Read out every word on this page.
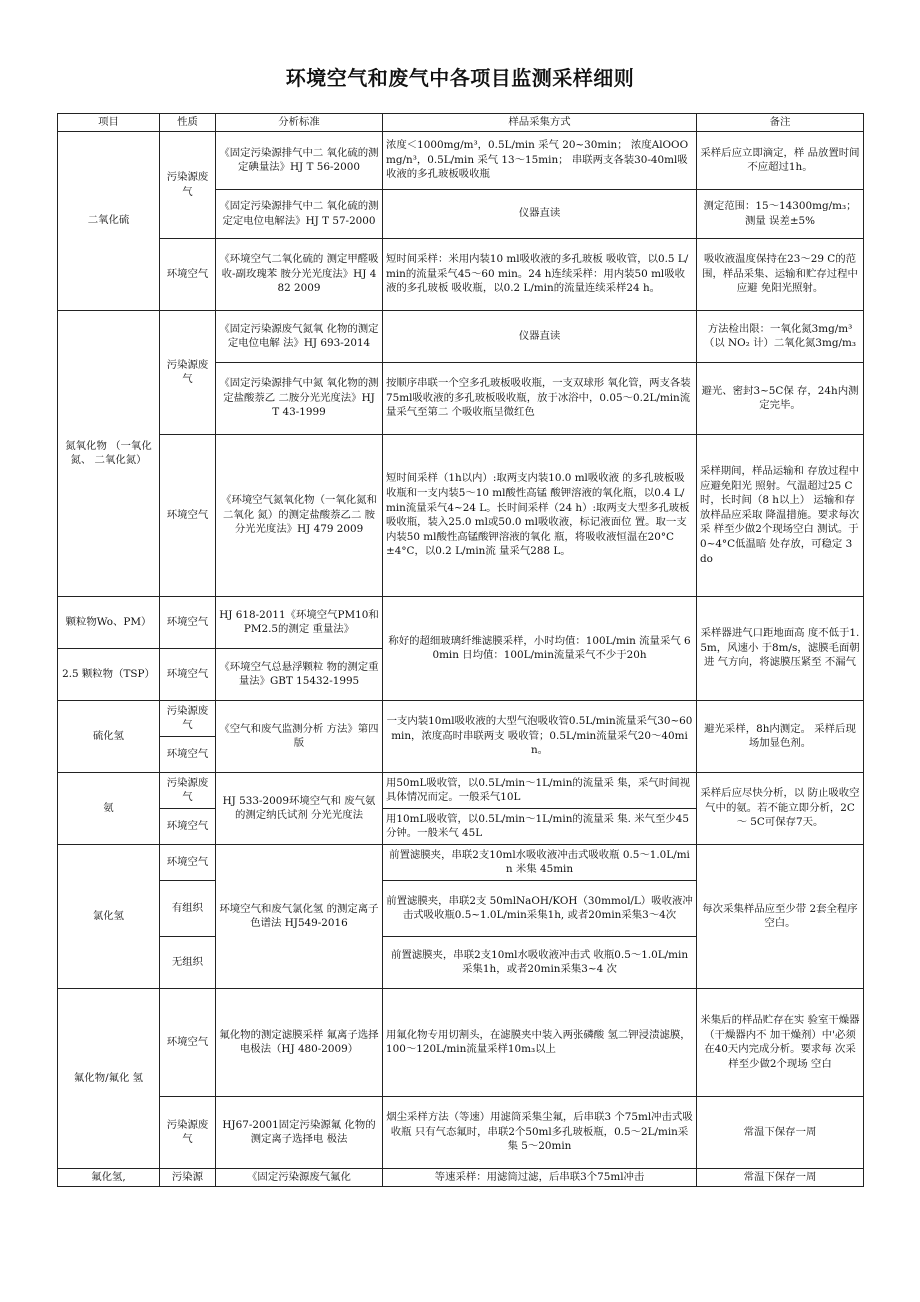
环境空气和废气中各项目监测采样细则
项目	性质	分析标准	样品采集方式	备注
二氧化硫	污染源废气	《固定污染源排气中二 氧化硫的测定碘量法》HJ T 56-2000	浓度＜1000mg/m³，0.5L/min 采气 20~30min； 浓度AlOOOmg/n³，0.5L/min 采气 13～15min； 串联两支各装30-40ml吸收液的多孔玻板吸收瓶	采样后应立即滴定，样 品放置时间不应超过1h。
		《固定污染源排气中二 氧化硫的测定定电位电解法》HJ T 57-2000	仪器直读	测定范围：15～14300mg/m₃；测量 误差±5%
	环境空气	《环境空气二氧化硫的 测定甲醛吸收-副玫瑰苯 胺分光光度法》HJ 482 2009	短时间采样：米用内装10 ml吸收液的多孔玻板 吸收管，以0.5 L/min的流量采气45～60 min。24 h连续采样：用内装50 ml吸收液的多孔玻板 吸收瓶，以0.2 L/min的流量连续采样24 h。	吸收液温度保持在23～29 C的范围，样品采集、运输和贮存过程中应避 免阳光照射。
氮氧化物 （一氧化氮、 二氧化氮）	污染源废气	《固定污染源废气氮氧 化物的测定定电位电解 法》HJ 693-2014	仪器直读	方法检出限：一氧化氮3mg/m³（以 NO₂ 计）二氧化氮3mg/m₃
		《固定污染源排气中氮 氧化物的测定盐酸萘乙 二胺分光光度法》HJ T 43-1999	按顺序串联一个空多孔玻板吸收瓶，一支双球形 氧化管，两支各装75ml吸收液的多孔玻板吸收瓶，放于冰浴中，0.05～0.2L/min流量采气至第二 个吸收瓶呈微红色	避光、密封3~5C保 存，24h内测定完毕。
	环境空气	《环境空气氮氧化物（一氧化氮和二氧化 氮）的测定盐酸萘乙二 胺分光光度法》HJ 479 2009	短时间采样（1h以内）:取两支内装10.0 ml吸收液 的多孔玻板吸收瓶和一支内装5～10 ml酸性高锰 酸钾溶液的氧化瓶，以0.4 L/min流量采气4~24 L。长时间采样（24 h）:取两支大型多孔玻板吸收瓶，装入25.0 ml或50.0 ml吸收液，标记液面位 置。取一支内装50 ml酸性高锰酸钾溶液的氧化 瓶，将吸收液恒温在20°C±4°C，以0.2 L/min流 量采气288 L。	采样期间，样品运输和 存放过程中应避免阳光 照射。气温超过25 C 时，长时间（8 h以上） 运输和存放样品应采取 降温措施。要求每次采 样至少做2个现场空白 测试。于0~4°C低温暗 处存放，可稳定 3 do
颗粒物Wo、PM）	环境空气	HJ 618-2011《环境空气PM10和PM2.5的测定 重量法》	称好的超细玻璃纤维滤膜采样，小时均值：100L/min 流量采气 60min 日均值：100L/min流量采气不少于20h	采样器进气口距地面高 度不低于1.5m，风速小 于8m/s，滤膜毛面朝进 气方向，将滤膜压紧至 不漏气
2.5 颗粒物（TSP）	环境空气	《环境空气总悬浮颗粒 物的测定重量法》GBT 15432-1995		
硫化氢	污染源废气	《空气和废气监测分析 方法》第四版	一支内装10ml吸收液的大型气泡吸收管0.5L/min流量采气30~60min，浓度高时串联两支 吸收管；0.5L/min流量采气20～40min。	避光采样，8h内测定。 采样后现场加显色剂。
	环境空气			
氨	污染源废气	HJ 533-2009环境空气和 废气氨的测定纳氏试剂 分光光度法	用50mL吸收管，以0.5L/min～1L/min的流量采 集，采气时间视具体情况而定。一般采气10L	采样后应尽快分析，以 防止吸收空气中的氨。若不能立即分析，2C～ 5C可保存7天。
	环境空气		用10mL吸收管，以0.5L/min～1L/min的流量采 集. 米气至少45分钟。一般米气 45L	
氯化氢	环境空气	环境空气和废气氯化氢 的测定离子色谱法 HJ549-2016	前置滤膜夹，串联2支10ml水吸收液冲击式吸收瓶 0.5～1.0L/min 米集 45min	每次采集样品应至少带 2套全程序空白。
	有组织		前置滤膜夹，串联2支 50mlNaOH/KOH（30mmol/L）吸收液冲击式吸收瓶0.5~1.0L/min采集1h, 或者20min采集3～4次	
	无组织		前置滤膜夹，串联2支10ml水吸收液冲击式 收瓶0.5～1.0L/min采集1h，或者20min采集3~4 次	
氟化物/氟化 氢	环境空气	氟化物的测定滤膜采样 氟离子选择电极法（HJ 480-2009）	用氟化物专用切割头，在滤膜夹中装入两张磷酸 氢二钾浸渍滤膜，100～120L/min流量采样10m₃以上	米集后的样品贮存在实 验室干燥器（干燥器内不 加干燥剂）中'必须在40天内完成分析。要求每 次采样至少做2个现场 空白
	污染源废气	HJ67-2001固定污染源氟 化物的测定离子选择电 极法	烟尘采样方法（等速）用滤筒采集尘氟，后串联3 个75ml冲击式吸收瓶 只有气态氟时，串联2个50ml多孔玻板瓶，0.5～2L/min采集 5～20min	常温下保存一周
氟化氢,	污染源	《固定污染源废气氟化	等速采样：用滤筒过滤，后串联3个75ml冲击	常温下保存一周
